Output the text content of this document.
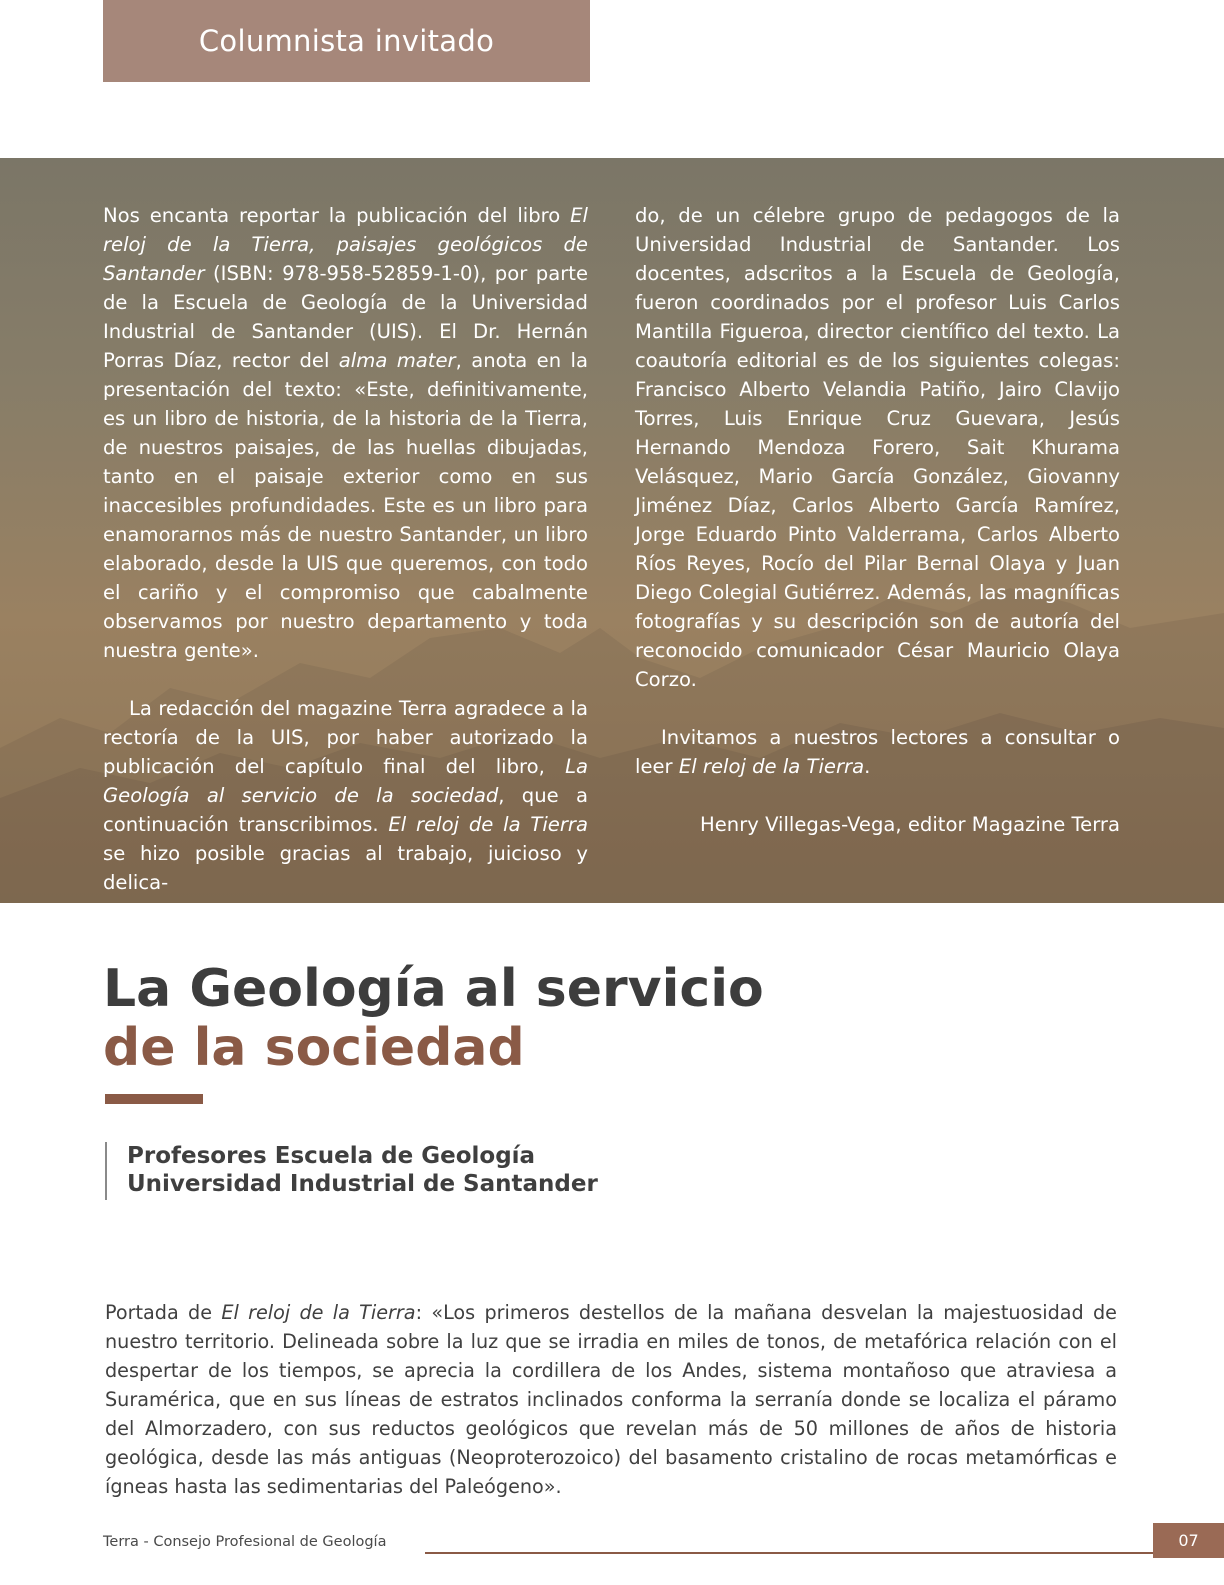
Columnista invitado

Nos encanta reportar la publicación del libro El reloj de la Tierra, paisajes geológicos de Santander (ISBN: 978-958-52859-1-0), por parte de la Escuela de Geología de la Universidad Industrial de Santander (UIS). El Dr. Hernán Porras Díaz, rector del alma mater, anota en la presentación del texto: «Este, definitivamente, es un libro de historia, de la historia de la Tierra, de nuestros paisajes, de las huellas dibujadas, tanto en el paisaje exterior como en sus inaccesibles profundidades. Este es un libro para enamorarnos más de nuestro Santander, un libro elaborado, desde la UIS que queremos, con todo el cariño y el compromiso que cabalmente observamos por nuestro departamento y toda nuestra gente».

La redacción del magazine Terra agradece a la rectoría de la UIS, por haber autorizado la publicación del capítulo final del libro, La Geología al servicio de la sociedad, que a continuación transcribimos. El reloj de la Tierra se hizo posible gracias al trabajo, juicioso y delica-

do, de un célebre grupo de pedagogos de la Universidad Industrial de Santander. Los docentes, adscritos a la Escuela de Geología, fueron coordinados por el profesor Luis Carlos Mantilla Figueroa, director científico del texto. La coautoría editorial es de los siguientes colegas: Francisco Alberto Velandia Patiño, Jairo Clavijo Torres, Luis Enrique Cruz Guevara, Jesús Hernando Mendoza Forero, Sait Khurama Velásquez, Mario García González, Giovanny Jiménez Díaz, Carlos Alberto García Ramírez, Jorge Eduardo Pinto Valderrama, Carlos Alberto Ríos Reyes, Rocío del Pilar Bernal Olaya y Juan Diego Colegial Gutiérrez. Además, las magníficas fotografías y su descripción son de autoría del reconocido comunicador César Mauricio Olaya Corzo.

Invitamos a nuestros lectores a consultar o leer El reloj de la Tierra.

Henry Villegas-Vega, editor Magazine Terra

La Geología al servicio
de la sociedad
Profesores Escuela de Geología
Universidad Industrial de Santander

Portada de El reloj de la Tierra: «Los primeros destellos de la mañana desvelan la majestuosidad de nuestro territorio. Delineada sobre la luz que se irradia en miles de tonos, de metafórica relación con el despertar de los tiempos, se aprecia la cordillera de los Andes, sistema montañoso que atraviesa a Suramérica, que en sus líneas de estratos inclinados conforma la serranía donde se localiza el páramo del Almorzadero, con sus reductos geológicos que revelan más de 50 millones de años de historia geológica, desde las más antiguas (Neoproterozoico) del basamento cristalino de rocas metamórficas e ígneas hasta las sedimentarias del Paleógeno».

Terra - Consejo Profesional de Geología	07
